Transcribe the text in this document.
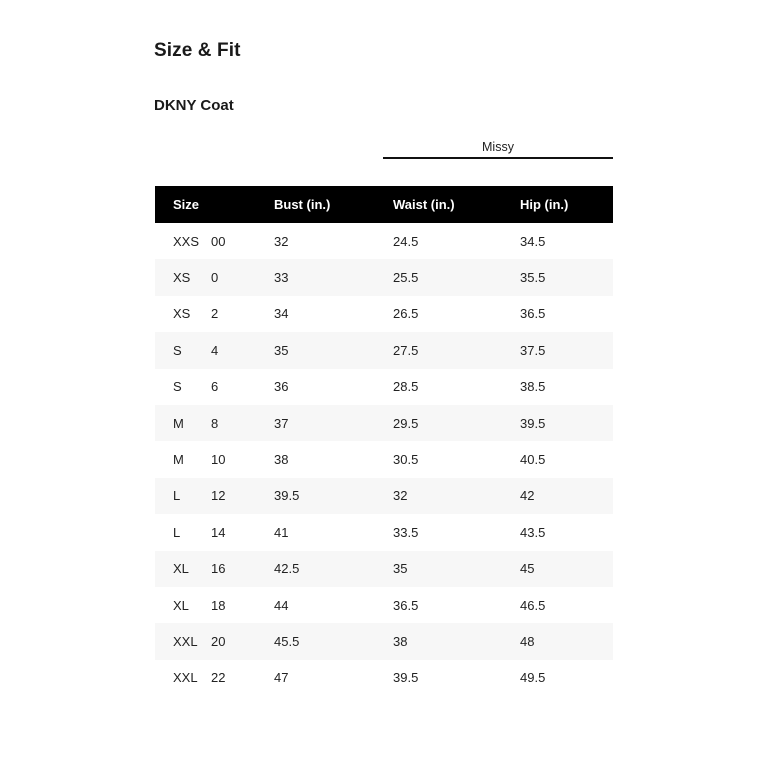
Size & Fit
DKNY Coat
Missy
Size	Bust (in.)	Waist (in.)	Hip (in.)
XXS 00	32	24.5	34.5
XS 0	33	25.5	35.5
XS 2	34	26.5	36.5
S 4	35	27.5	37.5
S 6	36	28.5	38.5
M 8	37	29.5	39.5
M 10	38	30.5	40.5
L 12	39.5	32	42
L 14	41	33.5	43.5
XL 16	42.5	35	45
XL 18	44	36.5	46.5
XXL 20	45.5	38	48
XXL 22	47	39.5	49.5
